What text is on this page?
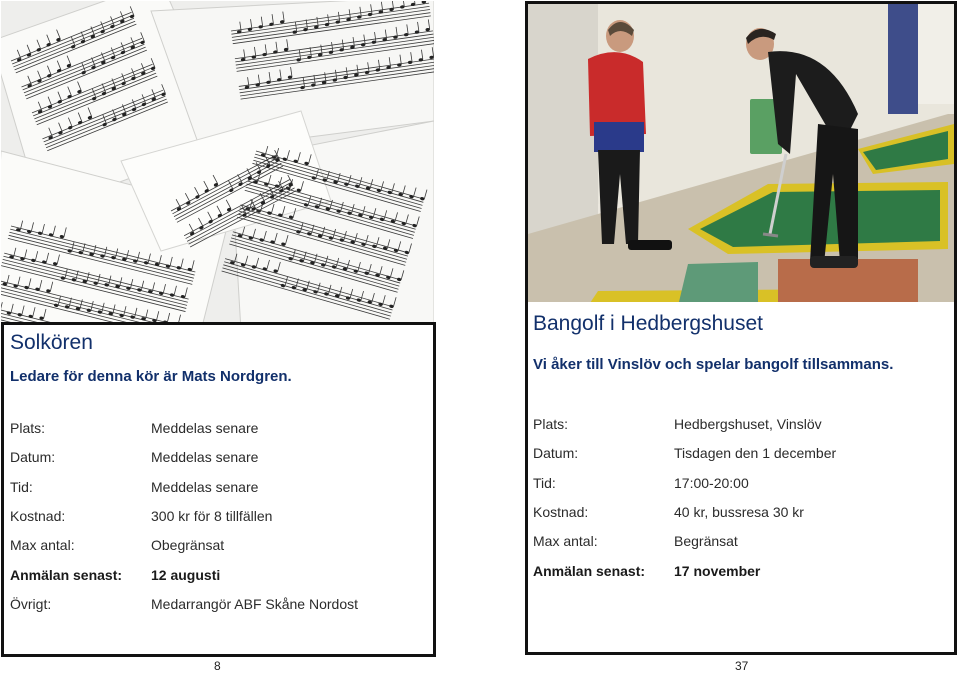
Solkören
Ledare för denna kör är Mats Nordgren.
Plats:	Meddelas senare
Datum:	Meddelas senare
Tid:	Meddelas senare
Kostnad:	300 kr för 8 tillfällen
Max antal:	Obegränsat
Anmälan senast: 12 augusti
Övrigt:	Medarrangör ABF Skåne Nordost
Bangolf i Hedbergshuset
Vi åker till Vinslöv och spelar bangolf tillsammans.
Plats:	Hedbergshuset, Vinslöv
Datum:	Tisdagen den 1 december
Tid:	17:00-20:00
Kostnad:	40 kr, bussresa 30 kr
Max antal:	Begränsat
Anmälan senast: 17 november
8	37
